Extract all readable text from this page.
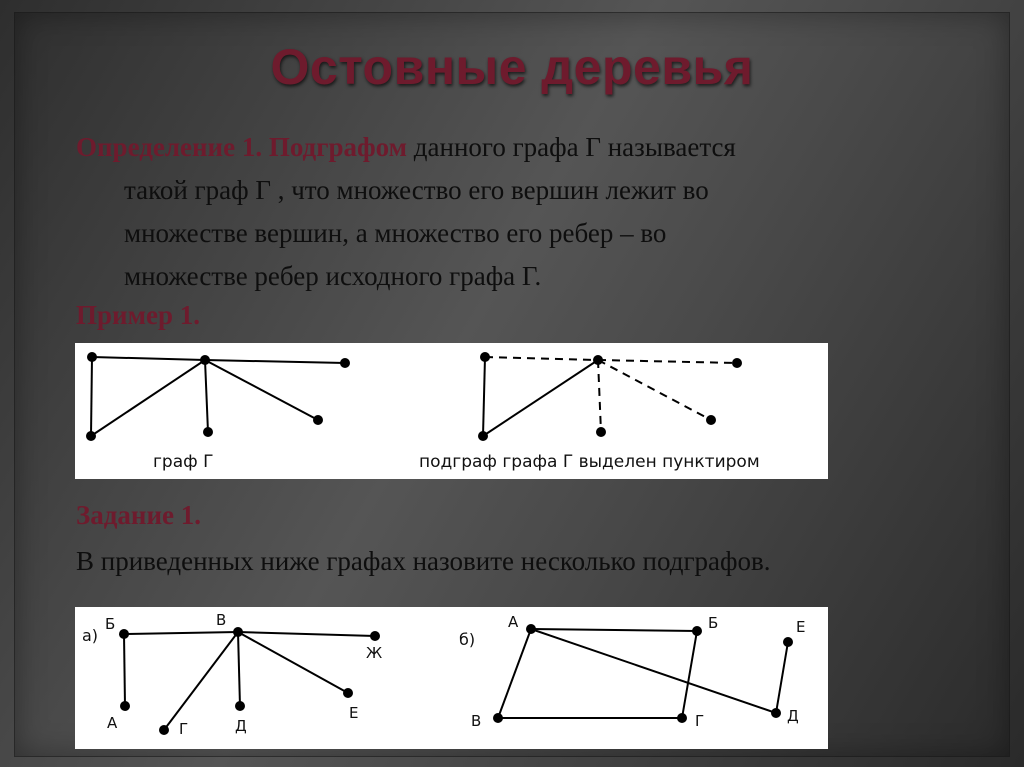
Остовные деревья
Определение 1. Подграфом данного графа Г называется
такой граф Г , что множество его вершин лежит во
множестве вершин, а множество его ребер – во
множестве ребер исходного графа Г.
Пример 1.
граф Г	подграф графа Г выделен пунктиром
Задание 1.
В приведенных ниже графах назовите несколько подграфов.
а)
Б	В
Ж
А	Г	Д
Е
б)
А	Б	Е
В	Г	Д
